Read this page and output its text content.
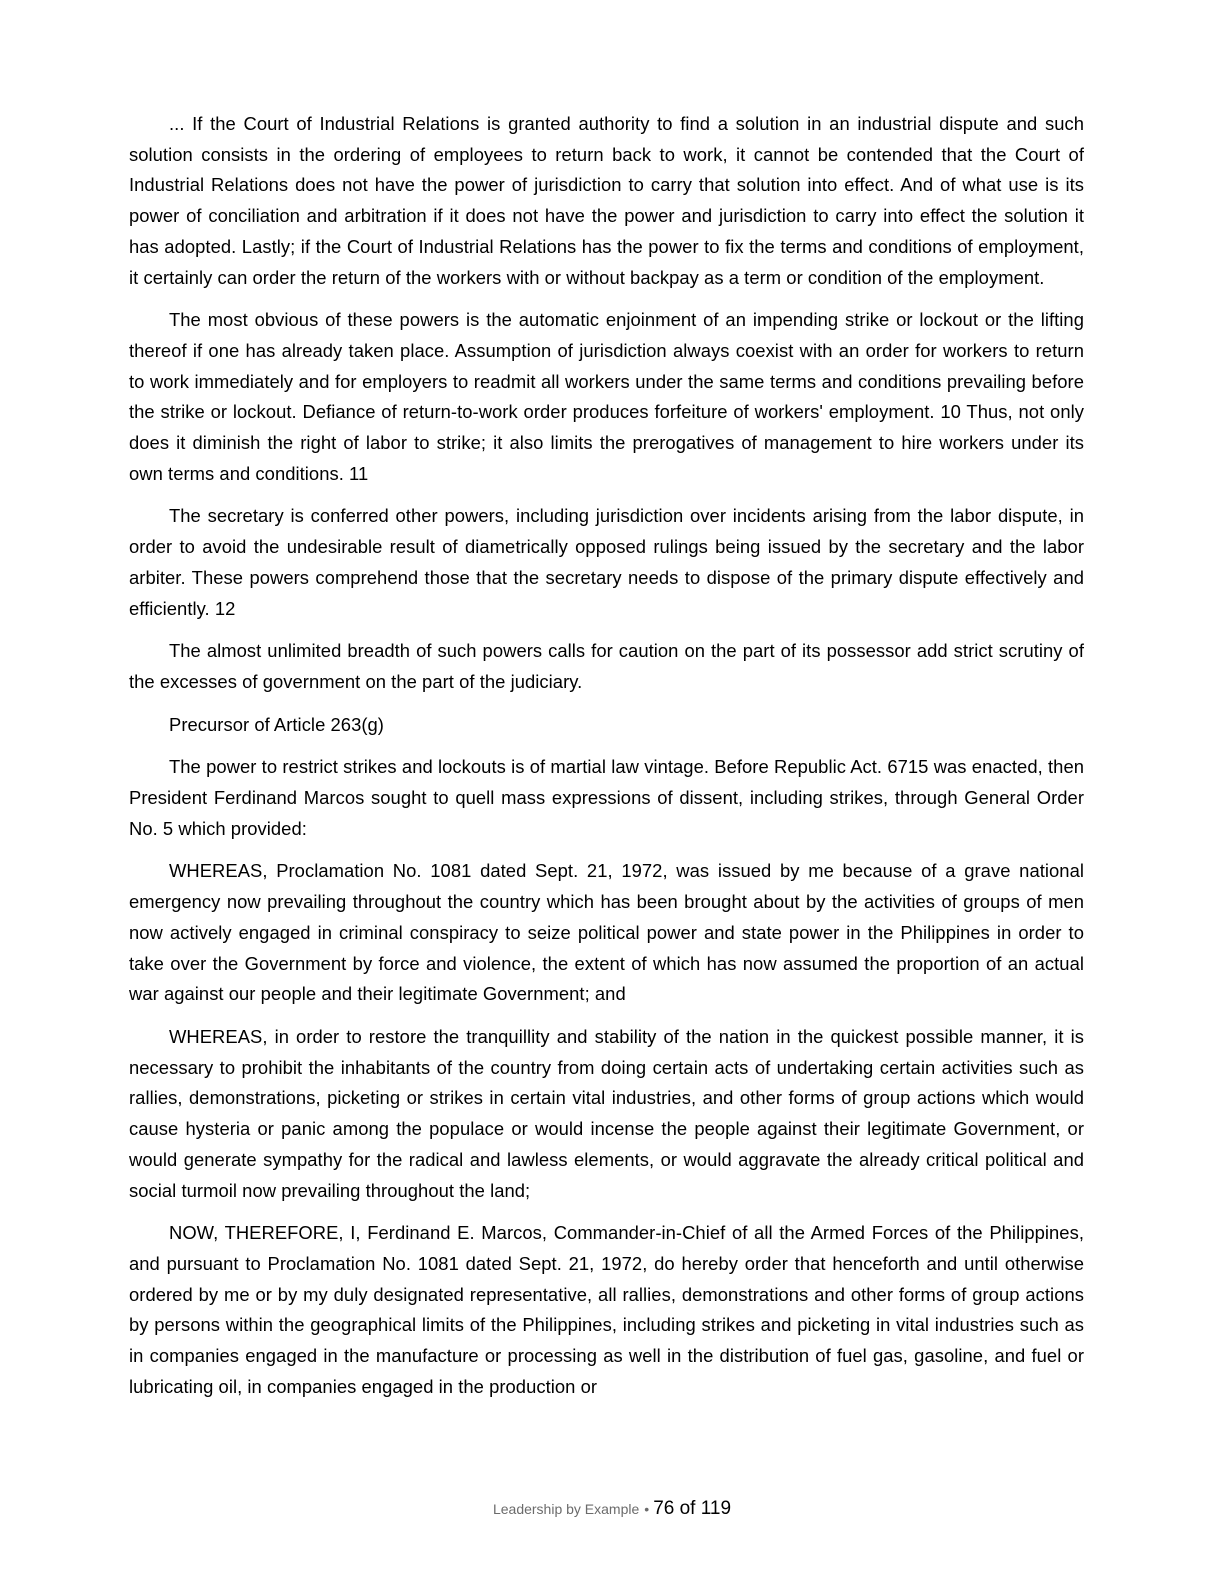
... If the Court of Industrial Relations is granted authority to find a solution in an industrial dispute and such solution consists in the ordering of employees to return back to work, it cannot be contended that the Court of Industrial Relations does not have the power of jurisdiction to carry that solution into effect. And of what use is its power of conciliation and arbitration if it does not have the power and jurisdiction to carry into effect the solution it has adopted. Lastly; if the Court of Industrial Relations has the power to fix the terms and conditions of employment, it certainly can order the return of the workers with or without backpay as a term or condition of the employment.

The most obvious of these powers is the automatic enjoinment of an impending strike or lockout or the lifting thereof if one has already taken place. Assumption of jurisdiction always coexist with an order for workers to return to work immediately and for employers to readmit all workers under the same terms and conditions prevailing before the strike or lockout. Defiance of return-to-work order produces forfeiture of workers' employment. 10 Thus, not only does it diminish the right of labor to strike; it also limits the prerogatives of management to hire workers under its own terms and conditions. 11

The secretary is conferred other powers, including jurisdiction over incidents arising from the labor dispute, in order to avoid the undesirable result of diametrically opposed rulings being issued by the secretary and the labor arbiter. These powers comprehend those that the secretary needs to dispose of the primary dispute effectively and efficiently. 12

The almost unlimited breadth of such powers calls for caution on the part of its possessor add strict scrutiny of the excesses of government on the part of the judiciary.

Precursor of Article 263(g)

The power to restrict strikes and lockouts is of martial law vintage. Before Republic Act. 6715 was enacted, then President Ferdinand Marcos sought to quell mass expressions of dissent, including strikes, through General Order No. 5 which provided:

WHEREAS, Proclamation No. 1081 dated Sept. 21, 1972, was issued by me because of a grave national emergency now prevailing throughout the country which has been brought about by the activities of groups of men now actively engaged in criminal conspiracy to seize political power and state power in the Philippines in order to take over the Government by force and violence, the extent of which has now assumed the proportion of an actual war against our people and their legitimate Government; and

WHEREAS, in order to restore the tranquillity and stability of the nation in the quickest possible manner, it is necessary to prohibit the inhabitants of the country from doing certain acts of undertaking certain activities such as rallies, demonstrations, picketing or strikes in certain vital industries, and other forms of group actions which would cause hysteria or panic among the populace or would incense the people against their legitimate Government, or would generate sympathy for the radical and lawless elements, or would aggravate the already critical political and social turmoil now prevailing throughout the land;

NOW, THEREFORE, I, Ferdinand E. Marcos, Commander-in-Chief of all the Armed Forces of the Philippines, and pursuant to Proclamation No. 1081 dated Sept. 21, 1972, do hereby order that henceforth and until otherwise ordered by me or by my duly designated representative, all rallies, demonstrations and other forms of group actions by persons within the geographical limits of the Philippines, including strikes and picketing in vital industries such as in companies engaged in the manufacture or processing as well in the distribution of fuel gas, gasoline, and fuel or lubricating oil, in companies engaged in the production or

Leadership by Example • 76 of 119
